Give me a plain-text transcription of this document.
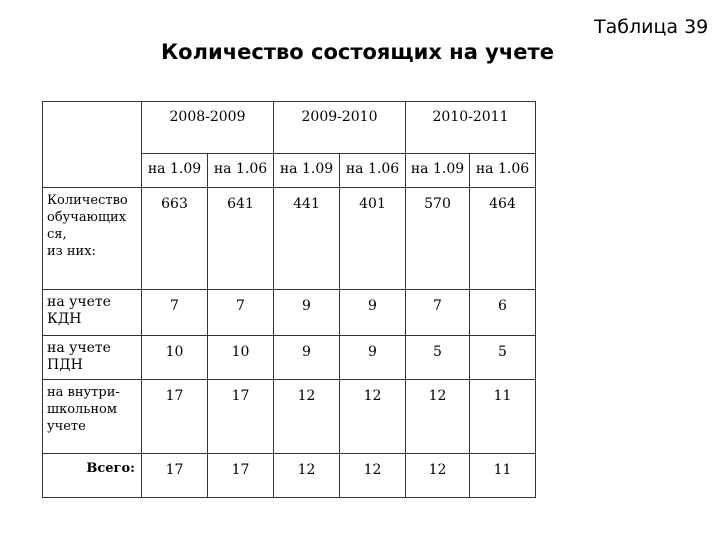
Таблица 39
Количество состоящих на учете
	2008-2009		2009-2010		2010-2011	
	на 1.09	на 1.06	на 1.09	на 1.06	на 1.09	на 1.06
Количество
обучающих
ся,
из них:	663	641	441	401	570	464
на учете
КДН	7	7	9	9	7	6
на учете
ПДН	10	10	9	9	5	5
на внутри-
школьном
учете	17	17	12	12	12	11
Всего:	17	17	12	12	12	11
